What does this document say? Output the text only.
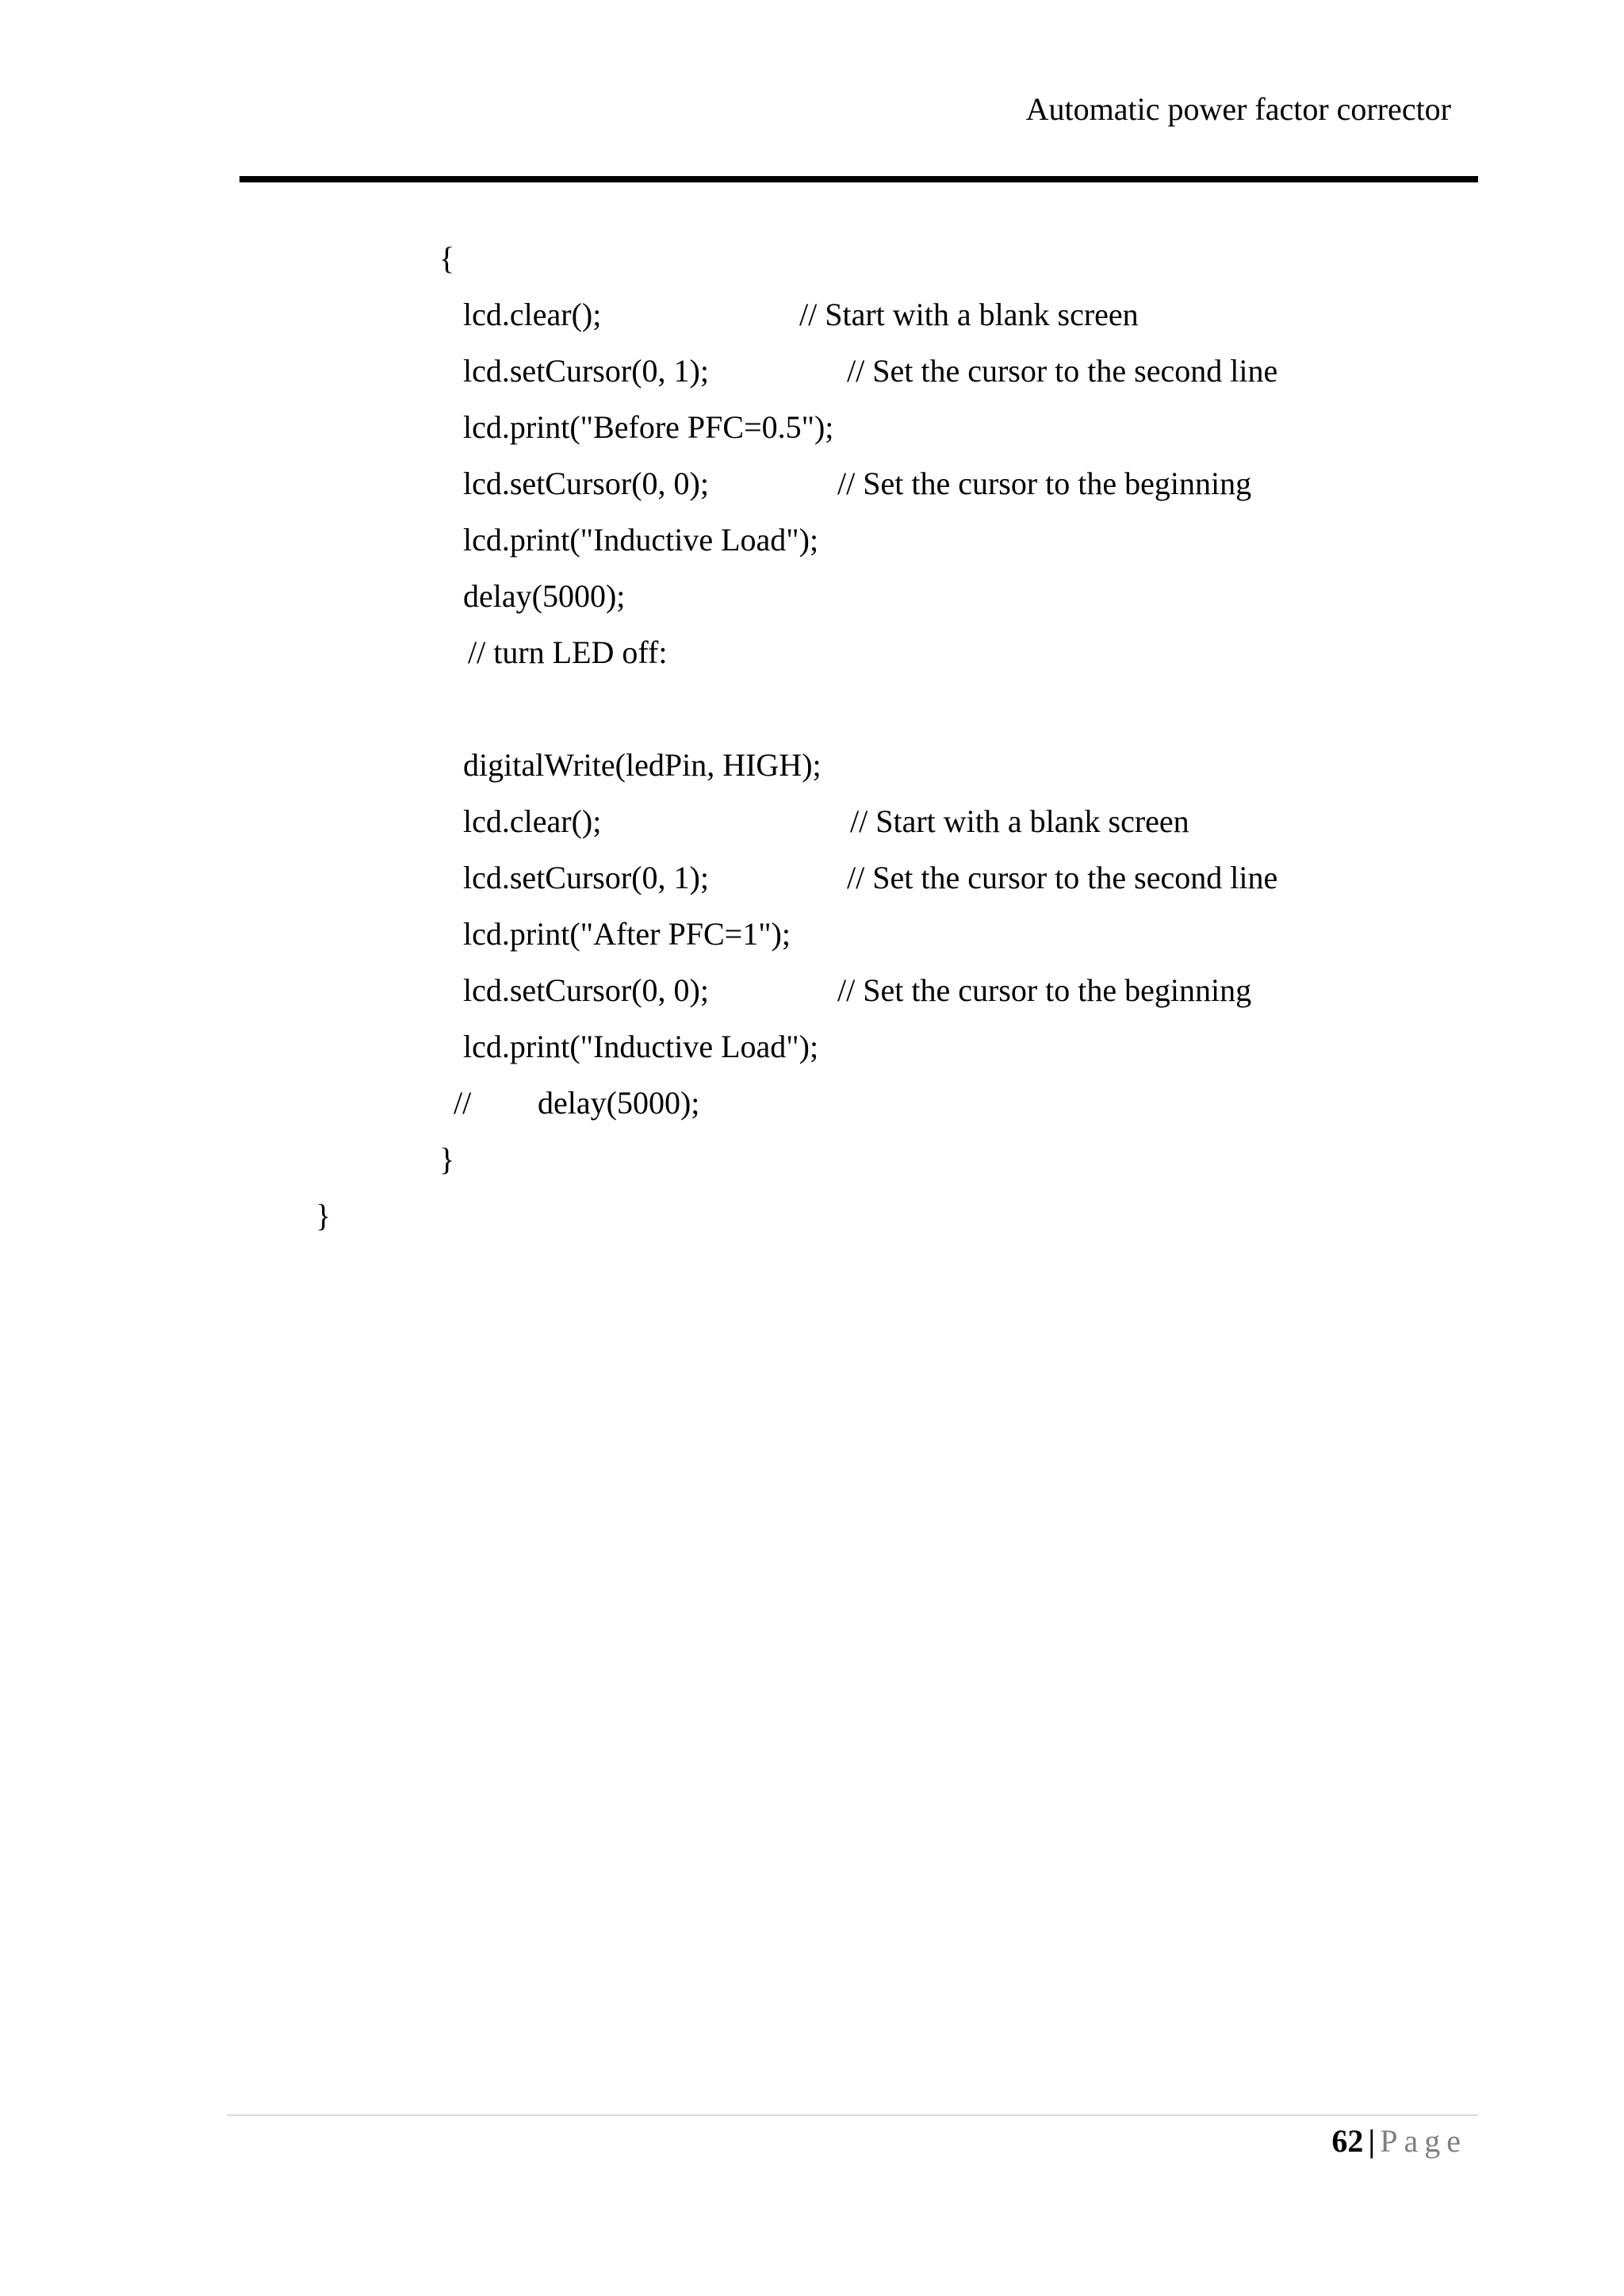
Automatic power factor corrector
{
lcd.clear();	// Start with a blank screen
lcd.setCursor(0, 1);	// Set the cursor to the second line
lcd.print("Before PFC=0.5");
lcd.setCursor(0, 0);	// Set the cursor to the beginning
lcd.print("Inductive Load");
delay(5000);
// turn LED off:
digitalWrite(ledPin, HIGH);
lcd.clear();	// Start with a blank screen
lcd.setCursor(0, 1);	// Set the cursor to the second line
lcd.print("After PFC=1");
lcd.setCursor(0, 0);	// Set the cursor to the beginning
lcd.print("Inductive Load");
// delay(5000);
}
}
62 | Page
